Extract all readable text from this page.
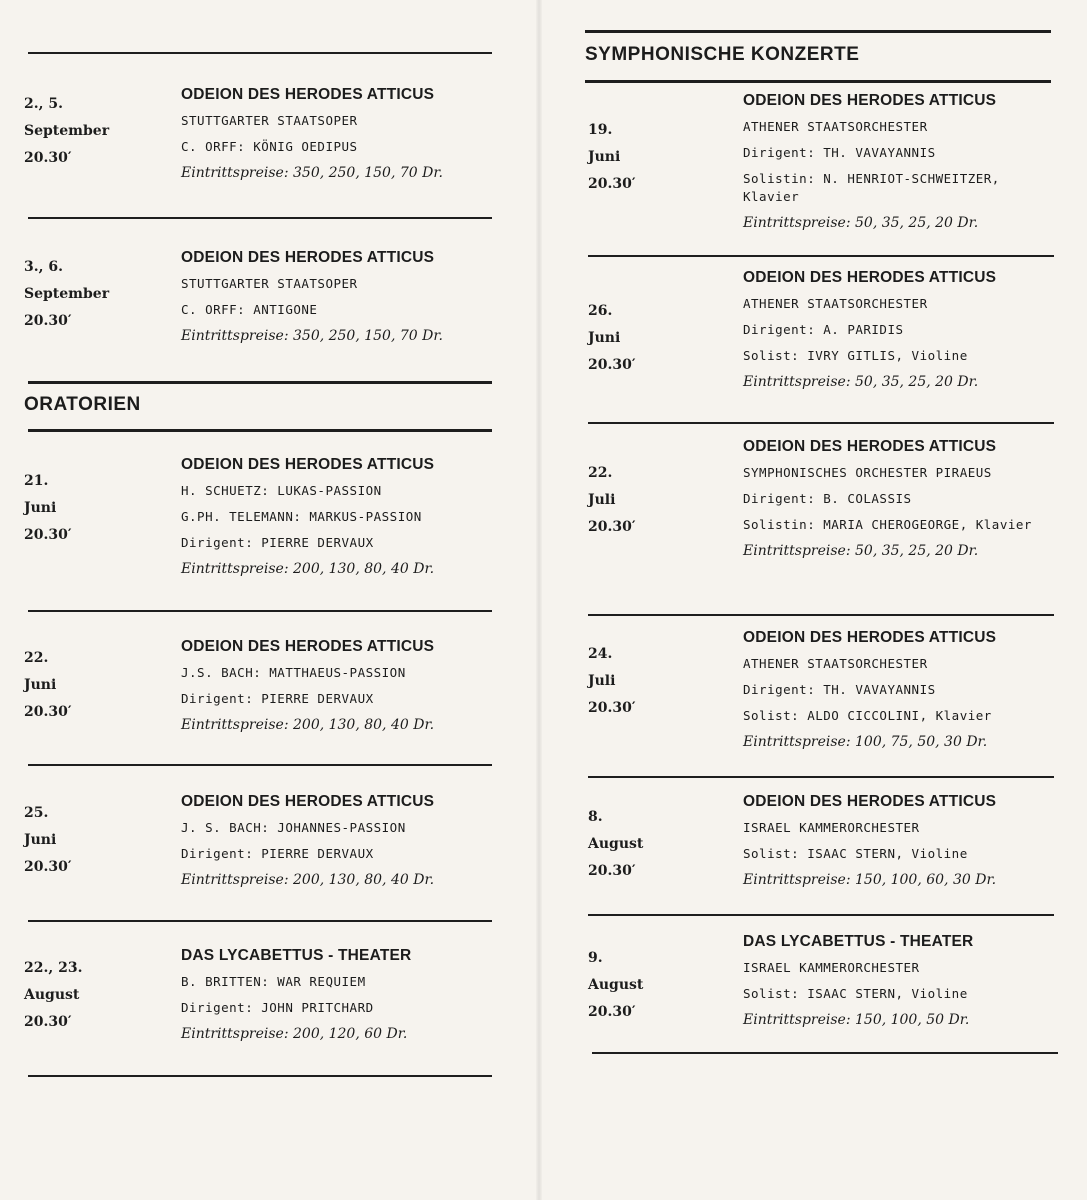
2., 5.
September
20.30′
ODEION DES HERODES ATTICUS
STUTTGARTER STAATSOPER
C. ORFF: KÖNIG OEDIPUS
Eintrittspreise: 350, 250, 150, 70 Dr.
3., 6.
September
20.30′
ODEION DES HERODES ATTICUS
STUTTGARTER STAATSOPER
C. ORFF: ANTIGONE
Eintrittspreise: 350, 250, 150, 70 Dr.
ORATORIEN
21.
Juni
20.30′
ODEION DES HERODES ATTICUS
H. SCHUETZ: LUKAS-PASSION
G.PH. TELEMANN: MARKUS-PASSION
Dirigent: PIERRE DERVAUX
Eintrittspreise: 200, 130, 80, 40 Dr.
22.
Juni
20.30′
ODEION DES HERODES ATTICUS
J.S. BACH: MATTHAEUS-PASSION
Dirigent: PIERRE DERVAUX
Eintrittspreise: 200, 130, 80, 40 Dr.
25.
Juni
20.30′
ODEION DES HERODES ATTICUS
J. S. BACH: JOHANNES-PASSION
Dirigent: PIERRE DERVAUX
Eintrittspreise: 200, 130, 80, 40 Dr.
22., 23.
August
20.30′
DAS LYCABETTUS - THEATER
B. BRITTEN: WAR REQUIEM
Dirigent: JOHN PRITCHARD
Eintrittspreise: 200, 120, 60 Dr.
SYMPHONISCHE KONZERTE
19.
Juni
20.30′
ODEION DES HERODES ATTICUS
ATHENER STAATSORCHESTER
Dirigent: TH. VAVAYANNIS
Solistin: N. HENRIOT-SCHWEITZER, Klavier
Eintrittspreise: 50, 35, 25, 20 Dr.
26.
Juni
20.30′
ODEION DES HERODES ATTICUS
ATHENER STAATSORCHESTER
Dirigent: A. PARIDIS
Solist: IVRY GITLIS, Violine
Eintrittspreise: 50, 35, 25, 20 Dr.
22.
Juli
20.30′
ODEION DES HERODES ATTICUS
SYMPHONISCHES ORCHESTER PIRAEUS
Dirigent: B. COLASSIS
Solistin: MARIA CHEROGEORGE, Klavier
Eintrittspreise: 50, 35, 25, 20 Dr.
24.
Juli
20.30′
ODEION DES HERODES ATTICUS
ATHENER STAATSORCHESTER
Dirigent: TH. VAVAYANNIS
Solist: ALDO CICCOLINI, Klavier
Eintrittspreise: 100, 75, 50, 30 Dr.
8.
August
20.30′
ODEION DES HERODES ATTICUS
ISRAEL KAMMERORCHESTER
Solist: ISAAC STERN, Violine
Eintrittspreise: 150, 100, 60, 30 Dr.
9.
August
20.30′
DAS LYCABETTUS - THEATER
ISRAEL KAMMERORCHESTER
Solist: ISAAC STERN, Violine
Eintrittspreise: 150, 100, 50 Dr.
